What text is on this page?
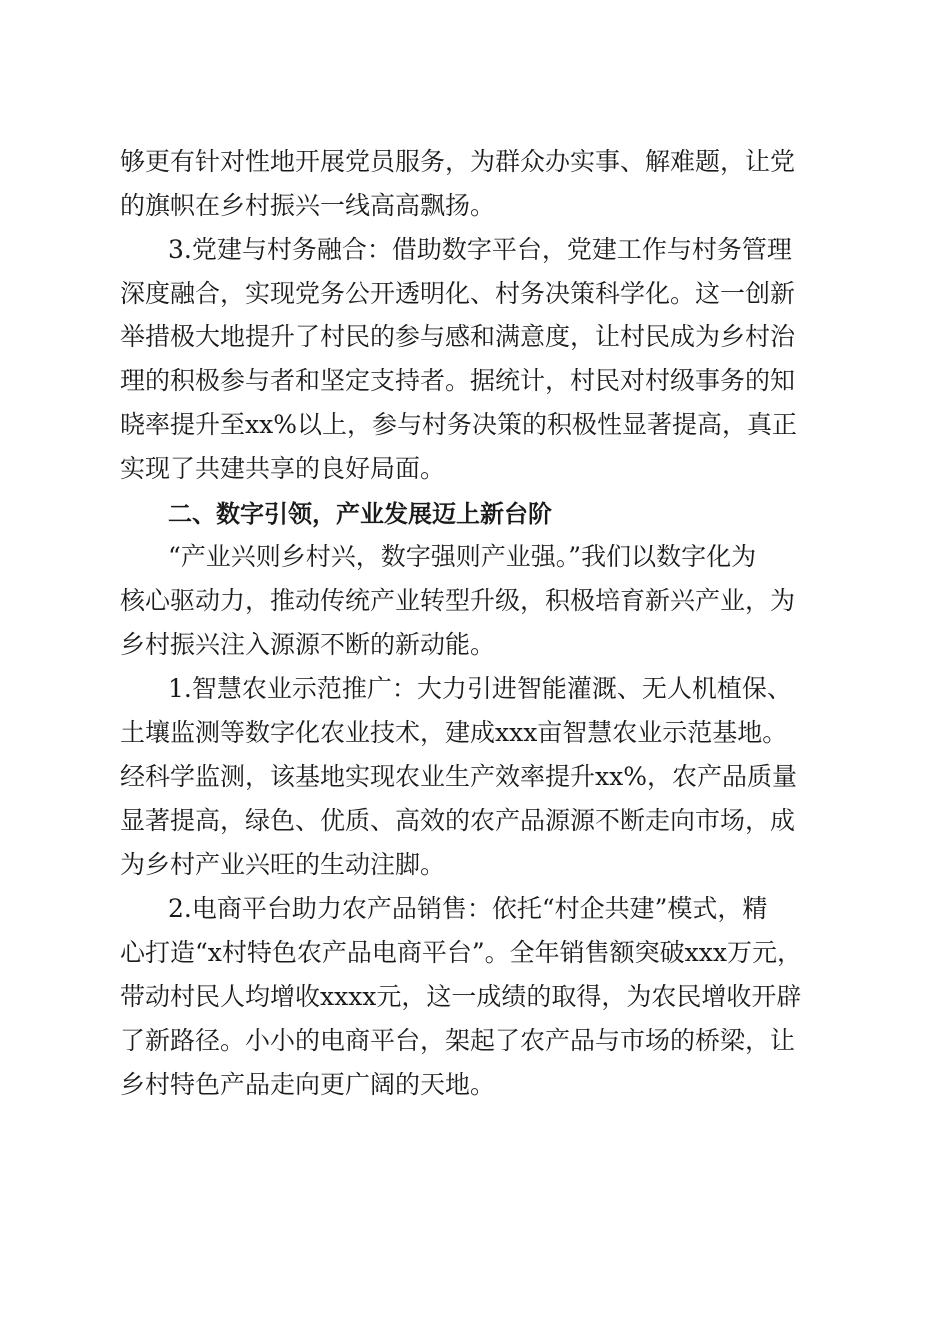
够更有针对性地开展党员服务，为群众办实事、解难题，让党

的旗帜在乡村振兴一线高高飘扬。

3.党建与村务融合：借助数字平台，党建工作与村务管理

深度融合，实现党务公开透明化、村务决策科学化。这一创新

举措极大地提升了村民的参与感和满意度，让村民成为乡村治

理的积极参与者和坚定支持者。据统计，村民对村级事务的知

晓率提升至xx%以上，参与村务决策的积极性显著提高，真正

实现了共建共享的良好局面。

二、数字引领，产业发展迈上新台阶

“产业兴则乡村兴，数字强则产业强。”我们以数字化为

核心驱动力，推动传统产业转型升级，积极培育新兴产业，为

乡村振兴注入源源不断的新动能。

1.智慧农业示范推广：大力引进智能灌溉、无人机植保、

土壤监测等数字化农业技术，建成xxx亩智慧农业示范基地。

经科学监测，该基地实现农业生产效率提升xx%，农产品质量

显著提高，绿色、优质、高效的农产品源源不断走向市场，成

为乡村产业兴旺的生动注脚。

2.电商平台助力农产品销售：依托“村企共建”模式，精

心打造“x村特色农产品电商平台”。全年销售额突破xxx万元，

带动村民人均增收xxxx元，这一成绩的取得，为农民增收开辟

了新路径。小小的电商平台，架起了农产品与市场的桥梁，让

乡村特色产品走向更广阔的天地。
